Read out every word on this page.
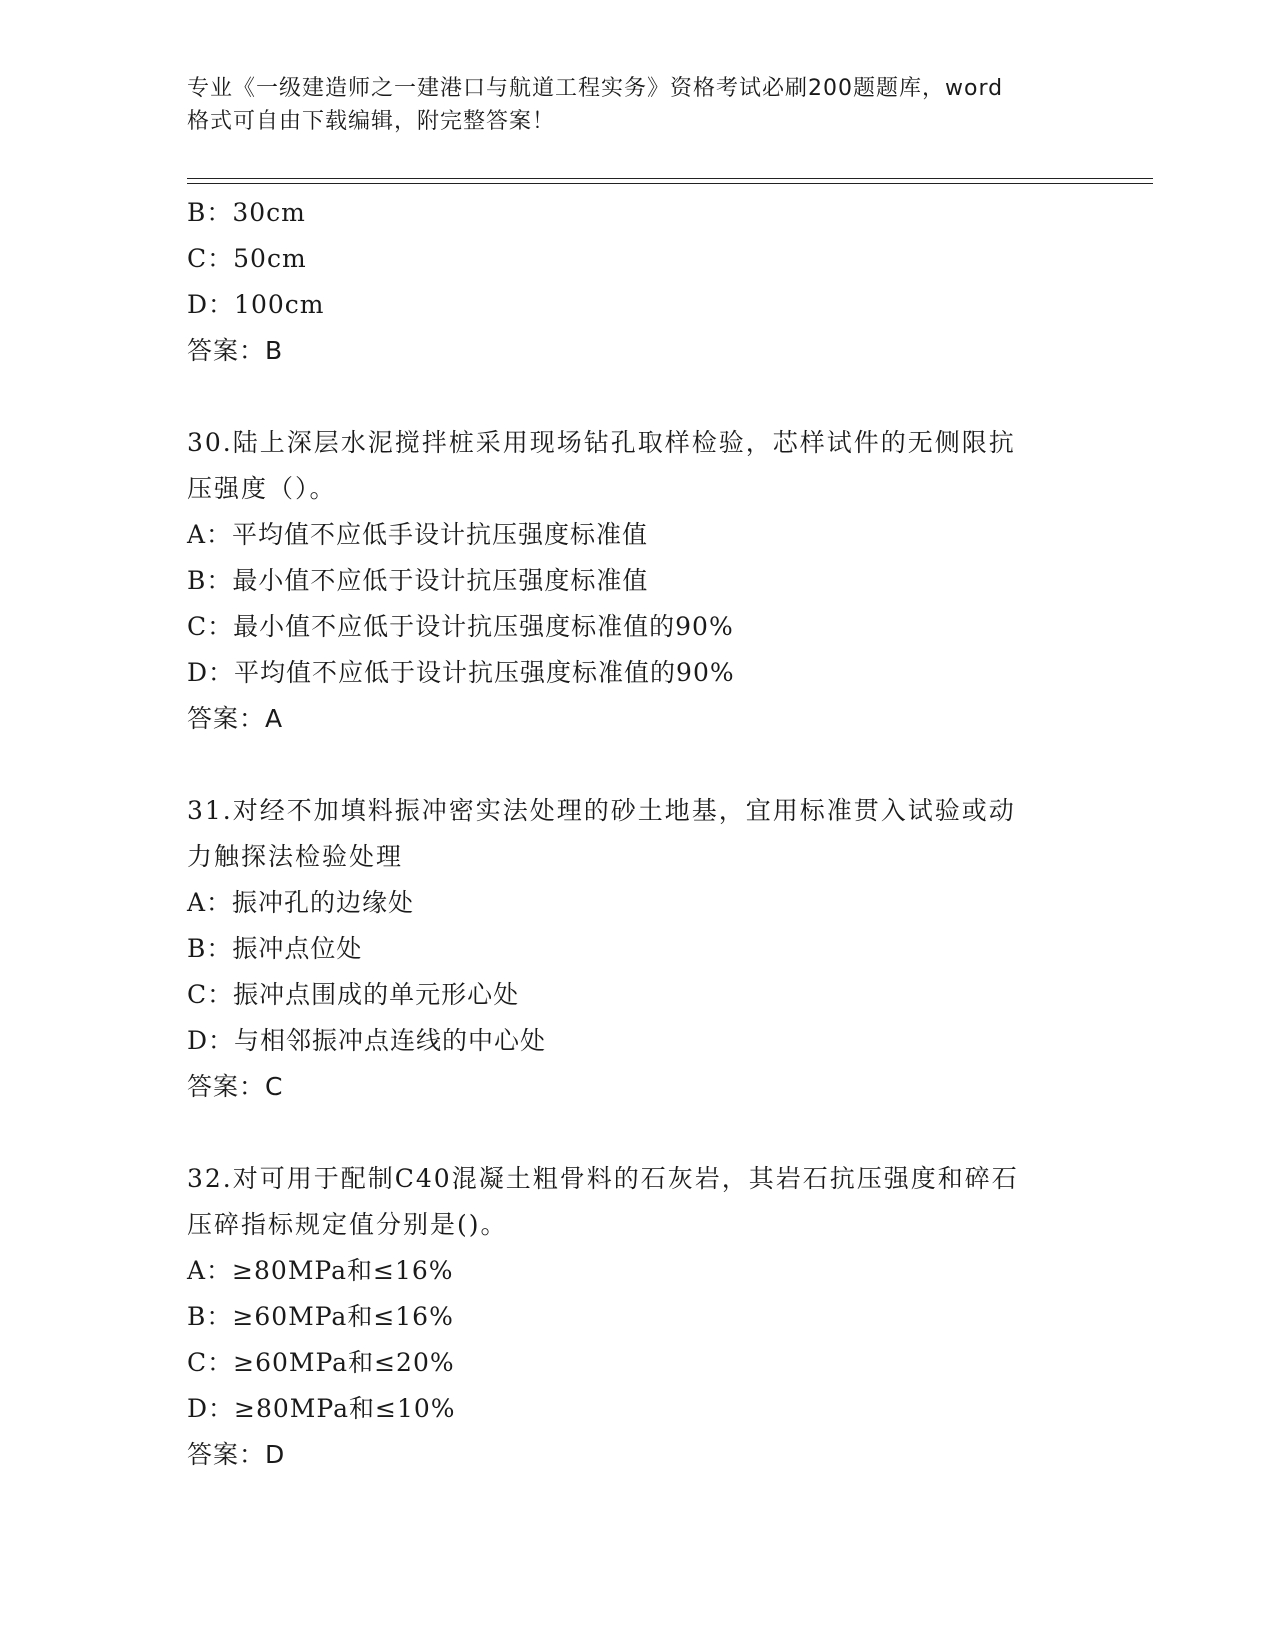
专业《一级建造师之一建港口与航道工程实务》资格考试必刷200题题库，word
格式可自由下载编辑，附完整答案！
B：30cm
C：50cm
D：100cm
答案：B
30.陆上深层水泥搅拌桩采用现场钻孔取样检验，芯样试件的无侧限抗
压强度（）。
A：平均值不应低手设计抗压强度标准值
B：最小值不应低于设计抗压强度标准值
C：最小值不应低于设计抗压强度标准值的90%
D：平均值不应低于设计抗压强度标准值的90%
答案：A
31.对经不加填料振冲密实法处理的砂土地基，宜用标准贯入试验或动
力触探法检验处理
A：振冲孔的边缘处
B：振冲点位处
C：振冲点围成的单元形心处
D：与相邻振冲点连线的中心处
答案：C
32.对可用于配制C40混凝土粗骨料的石灰岩，其岩石抗压强度和碎石
压碎指标规定值分别是()。
A：≥80MPa和≤16%
B：≥60MPa和≤16%
C：≥60MPa和≤20%
D：≥80MPa和≤10%
答案：D
